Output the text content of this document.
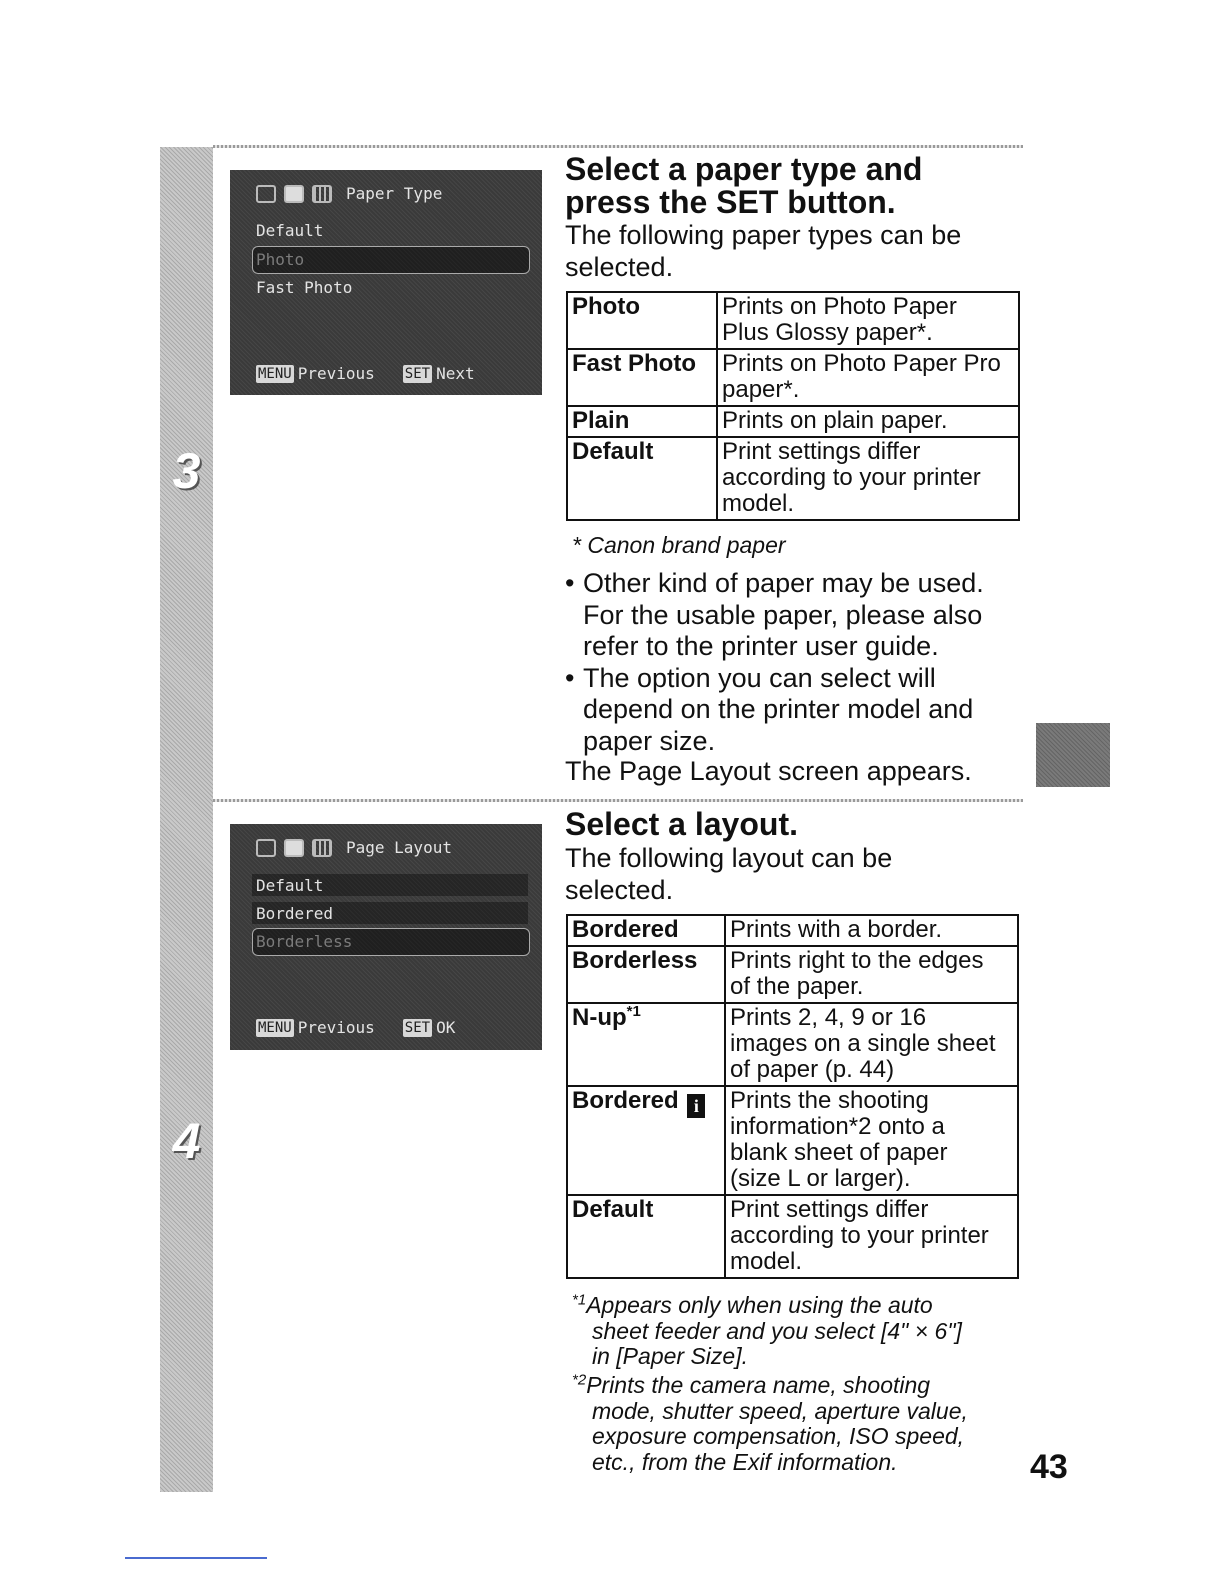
3
4
Paper Type
Default
Photo
Fast Photo
MENU Previous SET Next
Select a paper type and
press the SET button.

The following paper types can be
selected.

Photo	Prints on Photo Paper
Plus Glossy paper*.
Fast Photo	Prints on Photo Paper Pro
paper*.
Plain	Prints on plain paper.
Default	Print settings differ
according to your printer
model.

* Canon brand paper

• Other kind of paper may be used.
For the usable paper, please also
refer to the printer user guide.
• The option you can select will
depend on the printer model and
paper size.

The Page Layout screen appears.

Page Layout
Default
Bordered
Borderless
MENU Previous SET OK
Select a layout.

The following layout can be
selected.

Bordered	Prints with a border.
Borderless	Prints right to the edges
of the paper.
$N-up^{*1}$	Prints 2, 4, 9 or 16
images on a single sheet
of paper (p. 44)
Bordered i	Prints the shooting
information*2 onto a
blank sheet of paper
(size L or larger).
Default	Print settings differ
according to your printer
model.
$^{*1}$Appears only when using the auto
sheet feeder and you select [4" × 6"]
in [Paper Size].
$^{*2}$Prints the camera name, shooting
mode, shutter speed, aperture value,
exposure compensation, ISO speed,
etc., from the Exif information.	43
